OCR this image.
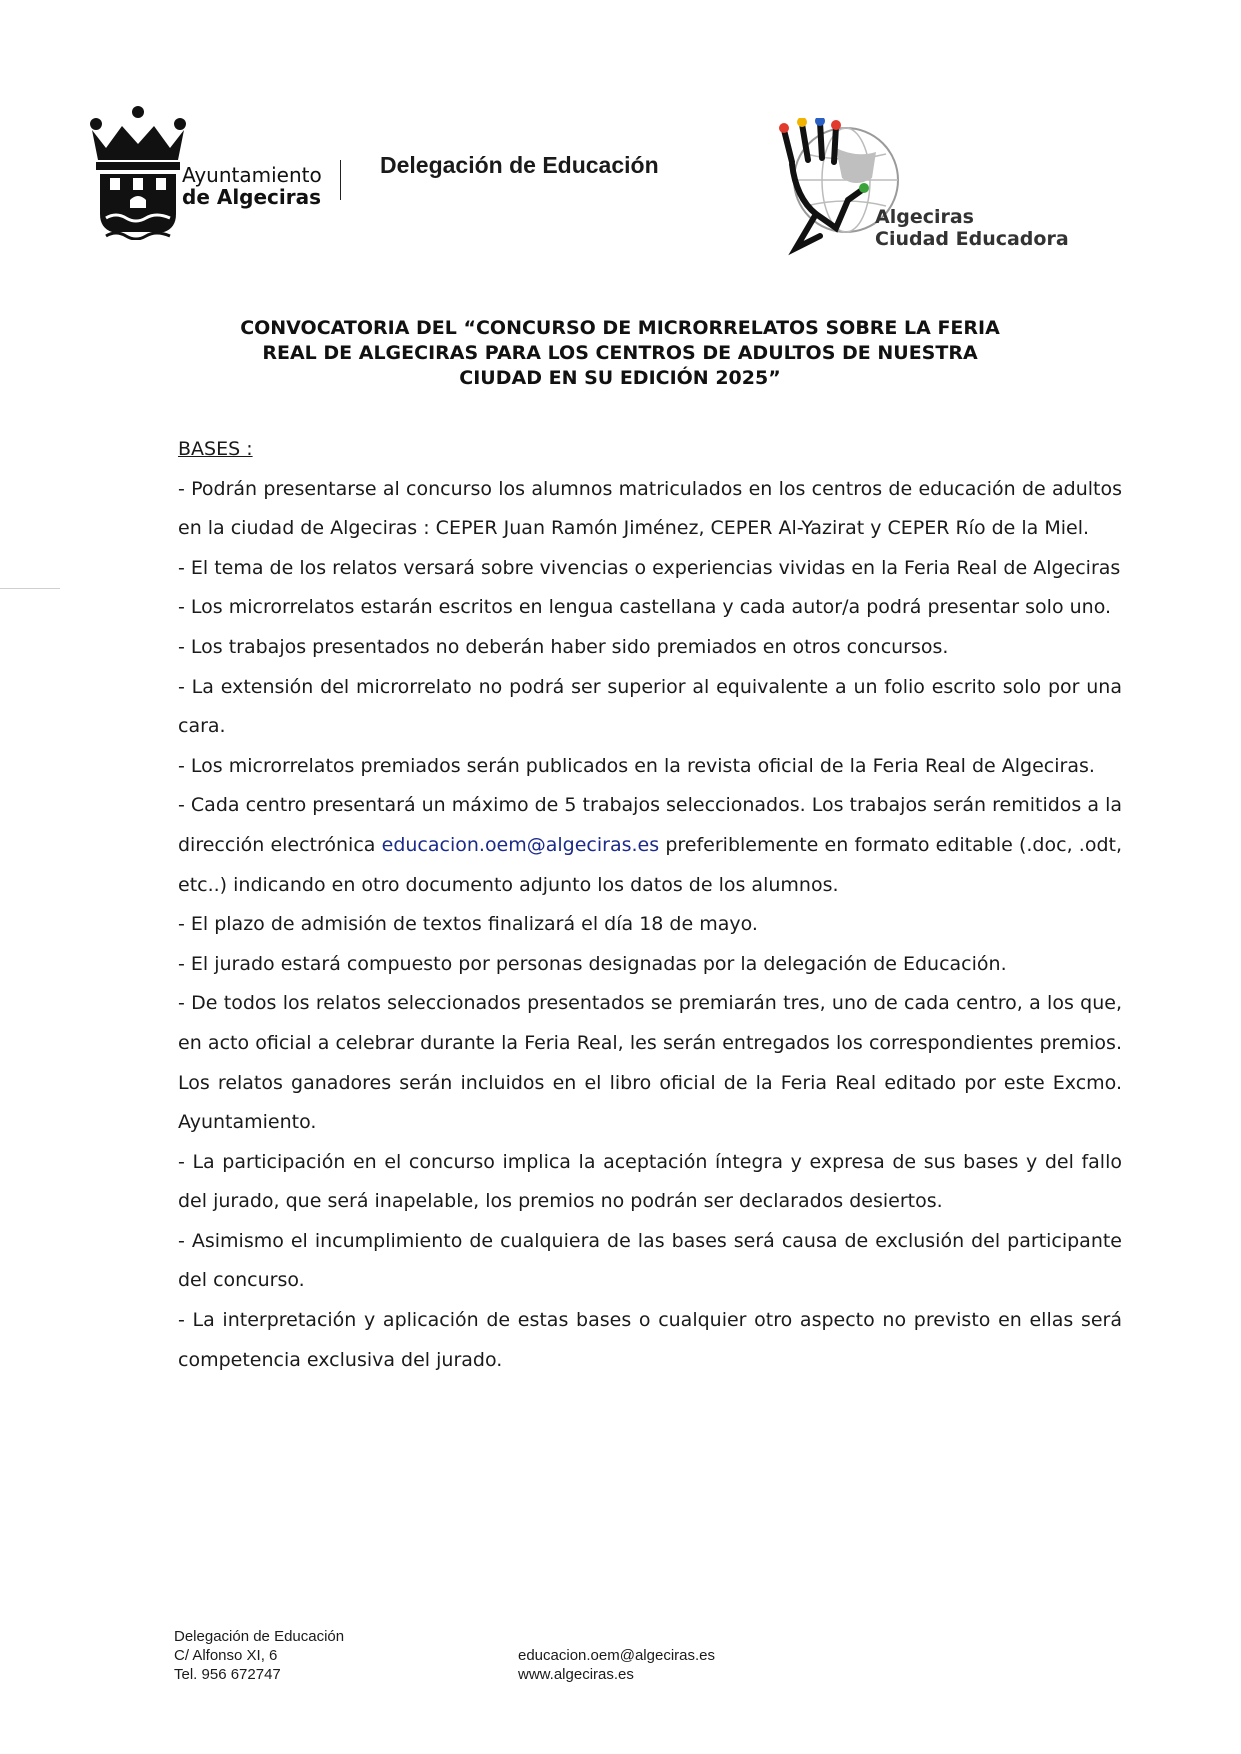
Ayuntamiento
de Algeciras
Delegación de Educación
Algeciras
Ciudad Educadora
CONVOCATORIA DEL “CONCURSO DE MICRORRELATOS SOBRE LA FERIA
REAL DE ALGECIRAS PARA LOS CENTROS DE ADULTOS DE NUESTRA
CIUDAD EN SU EDICIÓN 2025”
BASES :
- Podrán presentarse al concurso los alumnos matriculados en los centros de educación de adultos en la ciudad de Algeciras : CEPER Juan Ramón Jiménez, CEPER Al-Yazirat y CEPER Río de la Miel.
- El tema de los relatos versará sobre vivencias o experiencias vividas en la Feria Real de Algeciras
- Los microrrelatos estarán escritos en lengua castellana y cada autor/a podrá presentar solo uno.
- Los trabajos presentados no deberán haber sido premiados en otros concursos.
- La extensión del microrrelato no podrá ser superior al equivalente a un folio escrito solo por una cara.
- Los microrrelatos premiados serán publicados en la revista oficial de la Feria Real de Algeciras.
- Cada centro presentará un máximo de 5 trabajos seleccionados. Los trabajos serán remitidos a la dirección electrónica educacion.oem@algeciras.es preferiblemente en formato editable (.doc, .odt, etc..) indicando en otro documento adjunto los datos de los alumnos.
- El plazo de admisión de textos finalizará el día 18 de mayo.
- El jurado estará compuesto por personas designadas por la delegación de Educación.
- De todos los relatos seleccionados presentados se premiarán tres, uno de cada centro, a los que, en acto oficial a celebrar durante la Feria Real, les serán entregados los correspondientes premios. Los relatos ganadores serán incluidos en el libro oficial de la Feria Real editado por este Excmo. Ayuntamiento.
- La participación en el concurso implica la aceptación íntegra y expresa de sus bases y del fallo del jurado, que será inapelable, los premios no podrán ser declarados desiertos.
- Asimismo el incumplimiento de cualquiera de las bases será causa de exclusión del participante del concurso.
- La interpretación y aplicación de estas bases o cualquier otro aspecto no previsto en ellas será competencia exclusiva del jurado.
Delegación de Educación
C/ Alfonso XI, 6
Tel. 956 672747
educacion.oem@algeciras.es
www.algeciras.es
